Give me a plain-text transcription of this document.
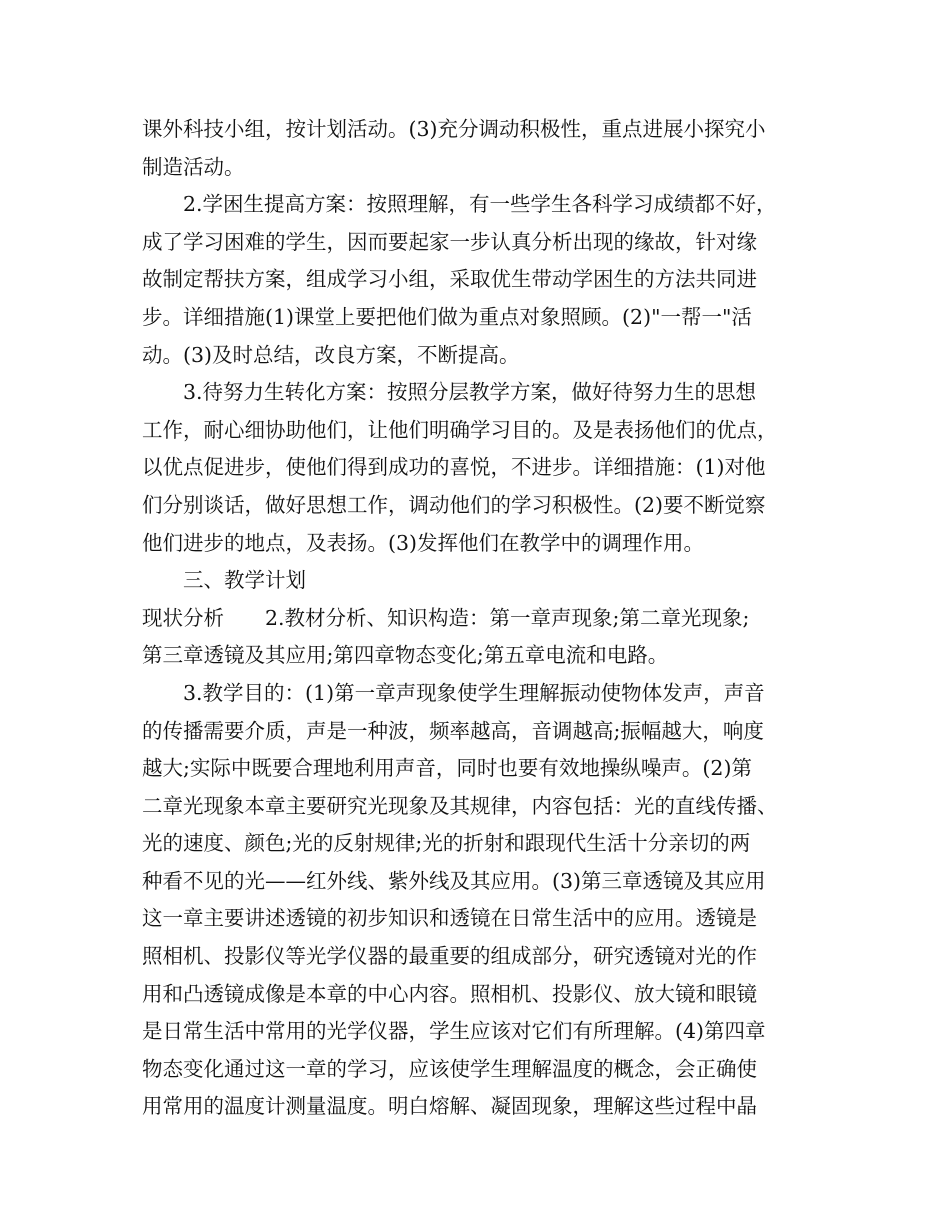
课外科技小组，按计划活动。(3)充分调动积极性，重点进展小探究小
制造活动。
2.学困生提高方案：按照理解，有一些学生各科学习成绩都不好，
成了学习困难的学生，因而要起家一步认真分析出现的缘故，针对缘
故制定帮扶方案，组成学习小组，采取优生带动学困生的方法共同进
步。详细措施(1)课堂上要把他们做为重点对象照顾。(2)"一帮一"活
动。(3)及时总结，改良方案，不断提高。
3.待努力生转化方案：按照分层教学方案，做好待努力生的思想
工作，耐心细协助他们，让他们明确学习目的。及是表扬他们的优点，
以优点促进步，使他们得到成功的喜悦，不进步。详细措施：(1)对他
们分别谈话，做好思想工作，调动他们的学习积极性。(2)要不断觉察
他们进步的地点，及表扬。(3)发挥他们在教学中的调理作用。
三、教学计划
现状分析　　2.教材分析、知识构造：第一章声现象;第二章光现象;
第三章透镜及其应用;第四章物态变化;第五章电流和电路。
3.教学目的：(1)第一章声现象使学生理解振动使物体发声，声音
的传播需要介质，声是一种波，频率越高，音调越高;振幅越大，响度
越大;实际中既要合理地利用声音，同时也要有效地操纵噪声。(2)第
二章光现象本章主要研究光现象及其规律，内容包括：光的直线传播、
光的速度、颜色;光的反射规律;光的折射和跟现代生活十分亲切的两
种看不见的光——红外线、紫外线及其应用。(3)第三章透镜及其应用
这一章主要讲述透镜的初步知识和透镜在日常生活中的应用。透镜是
照相机、投影仪等光学仪器的最重要的组成部分，研究透镜对光的作
用和凸透镜成像是本章的中心内容。照相机、投影仪、放大镜和眼镜
是日常生活中常用的光学仪器，学生应该对它们有所理解。(4)第四章
物态变化通过这一章的学习，应该使学生理解温度的概念，会正确使
用常用的温度计测量温度。明白熔解、凝固现象，理解这些过程中晶
